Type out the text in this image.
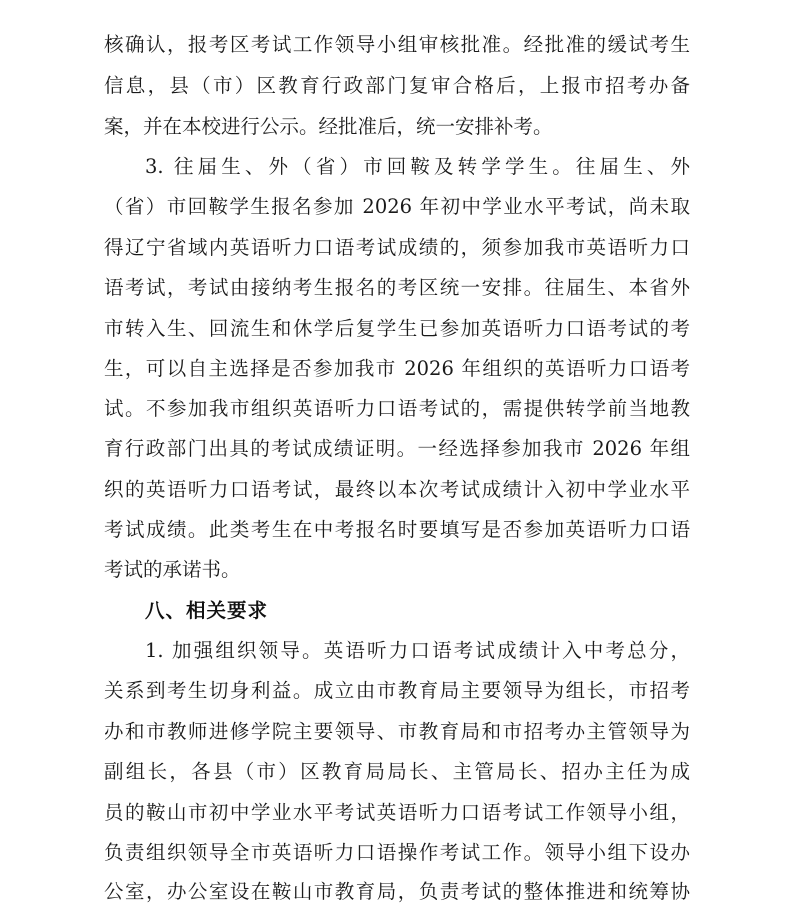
核确认，报考区考试工作领导小组审核批准。经批准的缓试考生
信息，县（市）区教育行政部门复审合格后，上报市招考办备
案，并在本校进行公示。经批准后，统一安排补考。
3. 往届生、外（省）市回鞍及转学学生。往届生、外
（省）市回鞍学生报名参加 2026 年初中学业水平考试，尚未取
得辽宁省域内英语听力口语考试成绩的，须参加我市英语听力口
语考试，考试由接纳考生报名的考区统一安排。往届生、本省外
市转入生、回流生和休学后复学生已参加英语听力口语考试的考
生，可以自主选择是否参加我市 2026 年组织的英语听力口语考
试。不参加我市组织英语听力口语考试的，需提供转学前当地教
育行政部门出具的考试成绩证明。一经选择参加我市 2026 年组
织的英语听力口语考试，最终以本次考试成绩计入初中学业水平
考试成绩。此类考生在中考报名时要填写是否参加英语听力口语
考试的承诺书。
八、相关要求
1. 加强组织领导。英语听力口语考试成绩计入中考总分，
关系到考生切身利益。成立由市教育局主要领导为组长，市招考
办和市教师进修学院主要领导、市教育局和市招考办主管领导为
副组长，各县（市）区教育局局长、主管局长、招办主任为成
员的鞍山市初中学业水平考试英语听力口语考试工作领导小组，
负责组织领导全市英语听力口语操作考试工作。领导小组下设办
公室，办公室设在鞍山市教育局，负责考试的整体推进和统筹协
